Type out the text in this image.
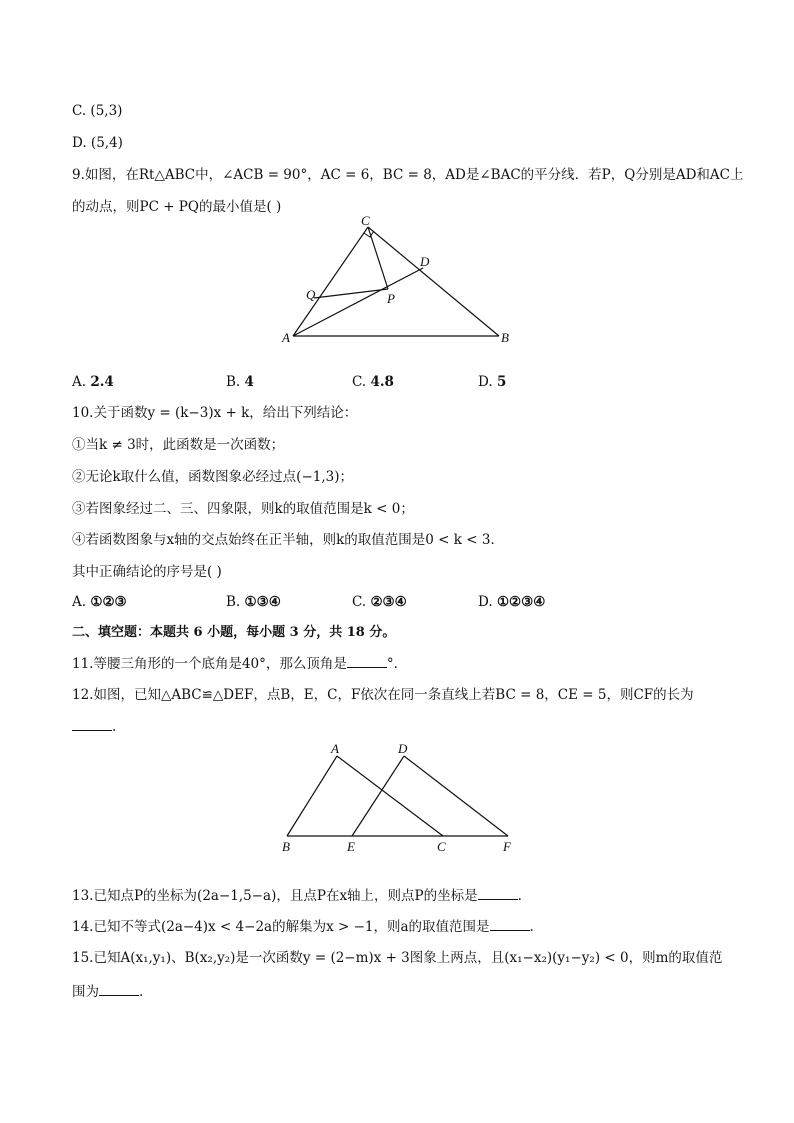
C. (5,3)
D. (5,4)
9.如图，在Rt△ABC中，∠ACB = 90°，AC = 6，BC = 8，AD是∠BAC的平分线．若P，Q分别是AD和AC上
的动点，则PC + PQ的最小值是( )
C
D
Q	P
A	B
A. 2.4	B. 4	C. 4.8	D. 5
10.关于函数y = (k−3)x + k，给出下列结论：
①当k ≠ 3时，此函数是一次函数；
②无论k取什么值，函数图象必经过点(−1,3)；
③若图象经过二、三、四象限，则k的取值范围是k < 0；
④若函数图象与x轴的交点始终在正半轴，则k的取值范围是0 < k < 3．
其中正确结论的序号是( )
A. ①②③	B. ①③④	C. ②③④	D. ①②③④
二、填空题：本题共 6 小题，每小题 3 分，共 18 分。
11.等腰三角形的一个底角是40°，那么顶角是	°.
12.如图，已知△ABC≌△DEF，点B，E，C，F依次在同一条直线上若BC = 8，CE = 5，则CF的长为
.
A	D
B	E	C	F
13.已知点P的坐标为(2a−1,5−a)，且点P在x轴上，则点P的坐标是	.
14.已知不等式(2a−4)x < 4−2a的解集为x > −1，则a的取值范围是	.
15.已知A(x₁,y₁)、B(x₂,y₂)是一次函数y = (2−m)x + 3图象上两点，且(x₁−x₂)(y₁−y₂) < 0，则m的取值范
围为	.
